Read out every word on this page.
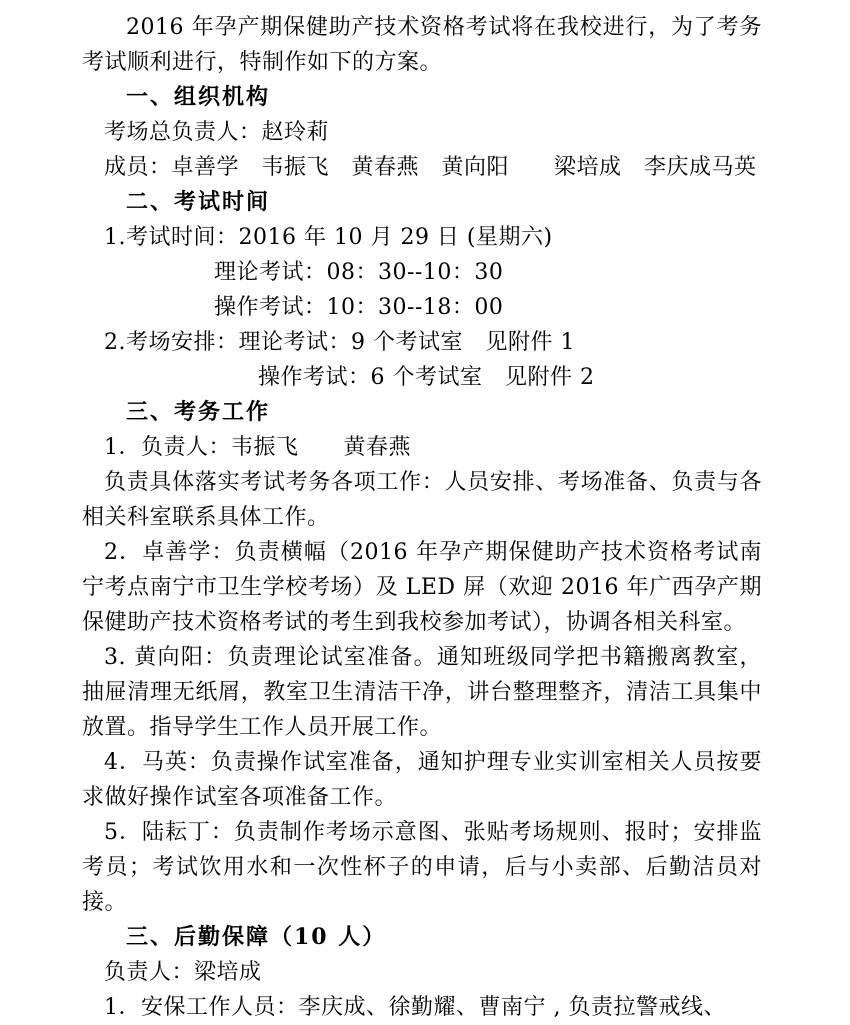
2016 年孕产期保健助产技术资格考试将在我校进行，为了考务考试顺利进行，特制作如下的方案。

一、组织机构

考场总负责人：赵玲莉

成员：卓善学　韦振飞　黄春燕　黄向阳　　梁培成　李庆成马英

二、考试时间

1.考试时间：2016 年 10 月 29 日 (星期六)

理论考试：08：30--10：30

操作考试：10：30--18：00

2.考场安排：理论考试：9 个考试室　见附件 1

操作考试：6 个考试室　见附件 2

三、考务工作

1．负责人：韦振飞　　黄春燕

负责具体落实考试考务各项工作：人员安排、考场准备、负责与各相关科室联系具体工作。

2．卓善学：负责横幅（2016 年孕产期保健助产技术资格考试南宁考点南宁市卫生学校考场）及 LED 屏（欢迎 2016 年广西孕产期保健助产技术资格考试的考生到我校参加考试），协调各相关科室。

3. 黄向阳：负责理论试室准备。通知班级同学把书籍搬离教室，抽屉清理无纸屑，教室卫生清洁干净，讲台整理整齐，清洁工具集中放置。指导学生工作人员开展工作。

4．马英：负责操作试室准备，通知护理专业实训室相关人员按要求做好操作试室各项准备工作。

5．陆耘丁：负责制作考场示意图、张贴考场规则、报时；安排监考员；考试饮用水和一次性杯子的申请，后与小卖部、后勤洁员对接。

三、后勤保障（10 人）

负责人：梁培成

1．安保工作人员：李庆成、徐勤耀、曹南宁 , 负责拉警戒线、
